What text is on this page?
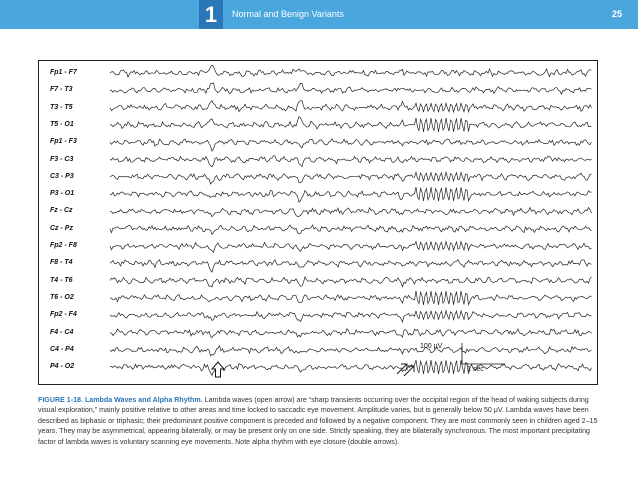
1	Normal and Benign Variants	25
Fp1 - F7
F7 - T3
T3 - T5
T5 - O1
Fp1 - F3
F3 - C3
C3 - P3
P3 - O1
Fz - Cz
Cz - Pz
Fp2 - F8
F8 - T4
T4 - T6
T6 - O2
Fp2 - F4
F4 - C4
C4 - P4
P4 - O2
100 µV
1 sec
FIGURE 1-18. Lambda Waves and Alpha Rhythm. Lambda waves (open arrow) are “sharp transients occurring over the occipital region of the head of waking subjects during visual exploration,” mainly positive relative to other areas and time locked to saccadic eye movement. Amplitude varies, but is generally below 50 μV. Lambda waves have been described as biphasic or triphasic; their predominant positive component is preceded and followed by a negative component. They are most commonly seen in children aged 2–15 years. They may be asymmetrical, appearing bilaterally, or may be present only on one side. Strictly speaking, they are bilaterally synchronous. The most important precipitating factor of lambda waves is voluntary scanning eye movements. Note alpha rhythm with eye closure (double arrows).
